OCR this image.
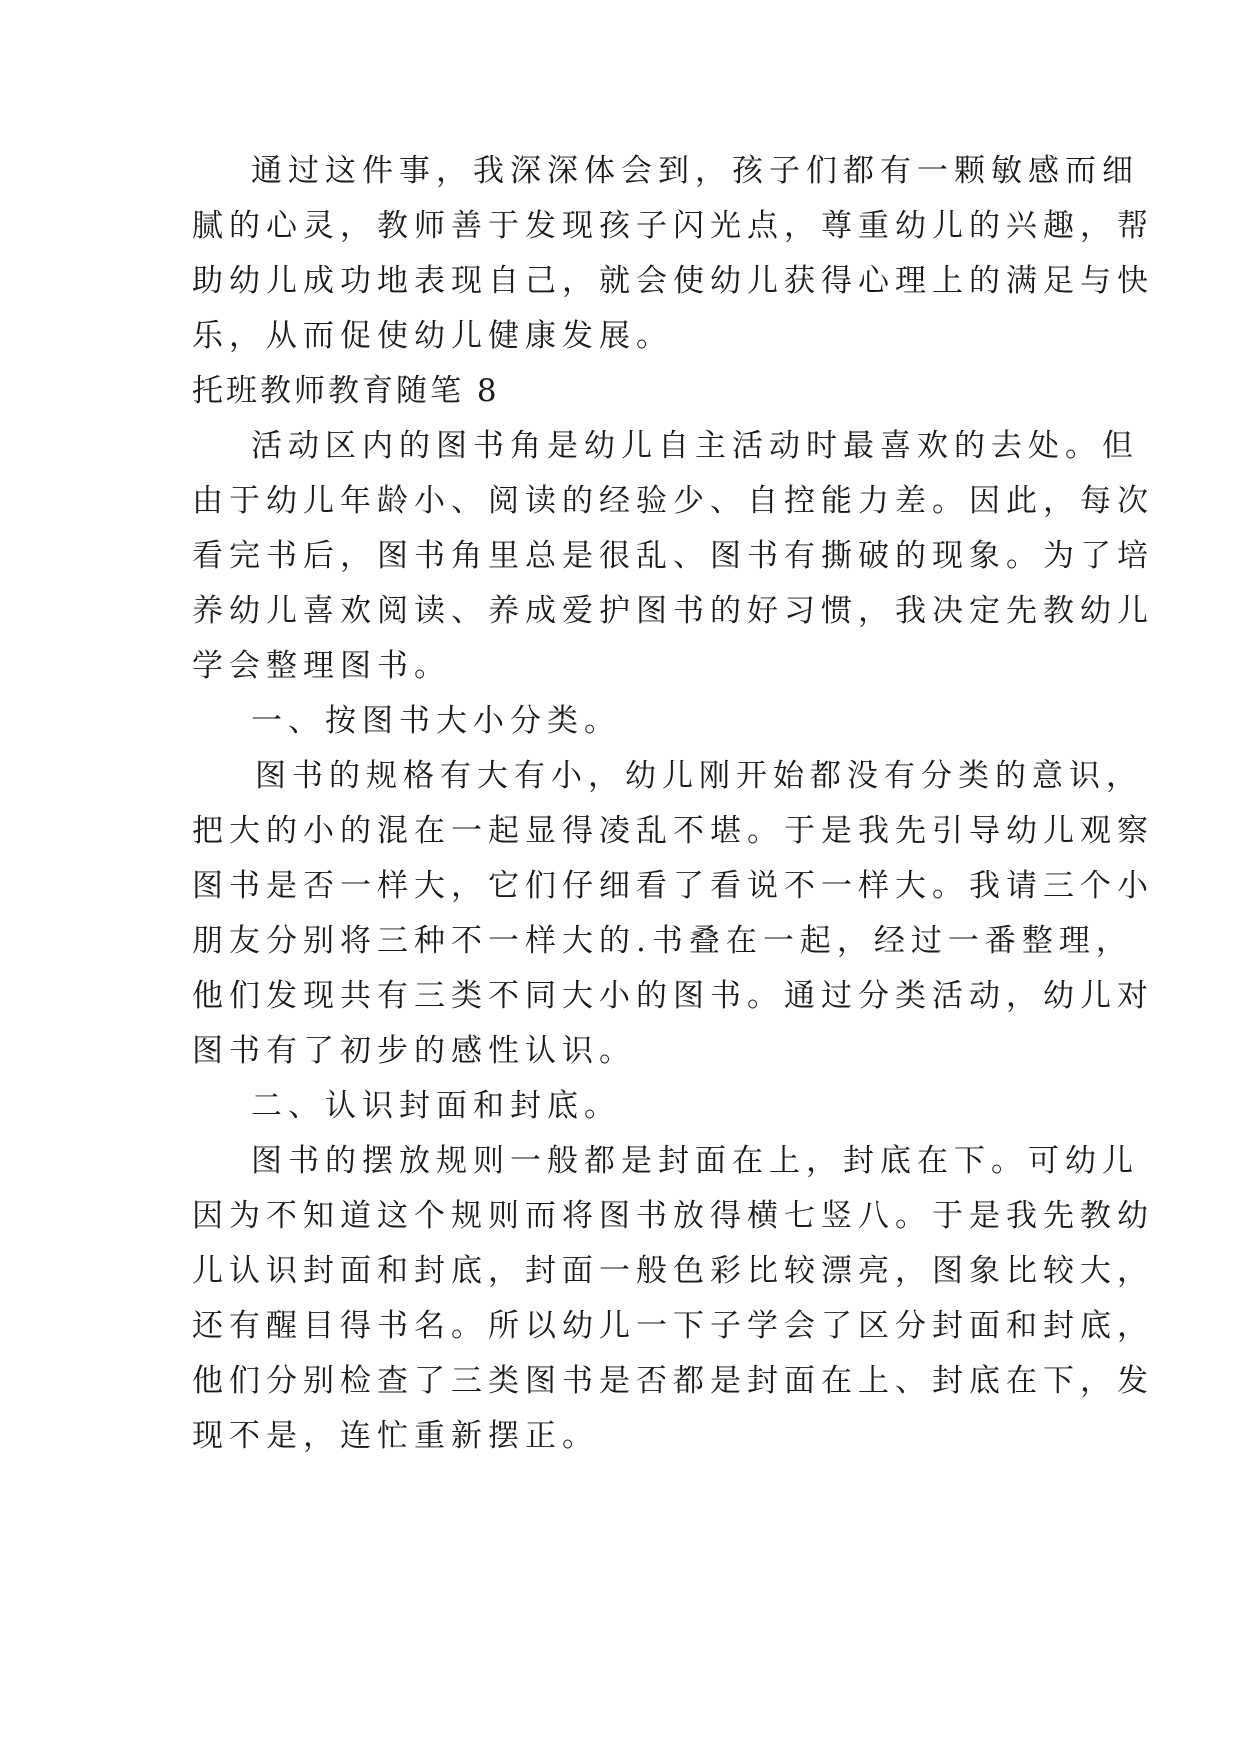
通过这件事，我深深体会到，孩子们都有一颗敏感而细
腻的心灵，教师善于发现孩子闪光点，尊重幼儿的兴趣，帮
助幼儿成功地表现自己，就会使幼儿获得心理上的满足与快
乐，从而促使幼儿健康发展。
托班教师教育随笔 8
活动区内的图书角是幼儿自主活动时最喜欢的去处。但
由于幼儿年龄小、阅读的经验少、自控能力差。因此，每次
看完书后，图书角里总是很乱、图书有撕破的现象。为了培
养幼儿喜欢阅读、养成爱护图书的好习惯，我决定先教幼儿
学会整理图书。
一、按图书大小分类。
图书的规格有大有小，幼儿刚开始都没有分类的意识，
把大的小的混在一起显得凌乱不堪。于是我先引导幼儿观察
图书是否一样大，它们仔细看了看说不一样大。我请三个小
朋友分别将三种不一样大的.书叠在一起，经过一番整理，
他们发现共有三类不同大小的图书。通过分类活动，幼儿对
图书有了初步的感性认识。
二、认识封面和封底。
图书的摆放规则一般都是封面在上，封底在下。可幼儿
因为不知道这个规则而将图书放得横七竖八。于是我先教幼
儿认识封面和封底，封面一般色彩比较漂亮，图象比较大，
还有醒目得书名。所以幼儿一下子学会了区分封面和封底，
他们分别检查了三类图书是否都是封面在上、封底在下，发
现不是，连忙重新摆正。
